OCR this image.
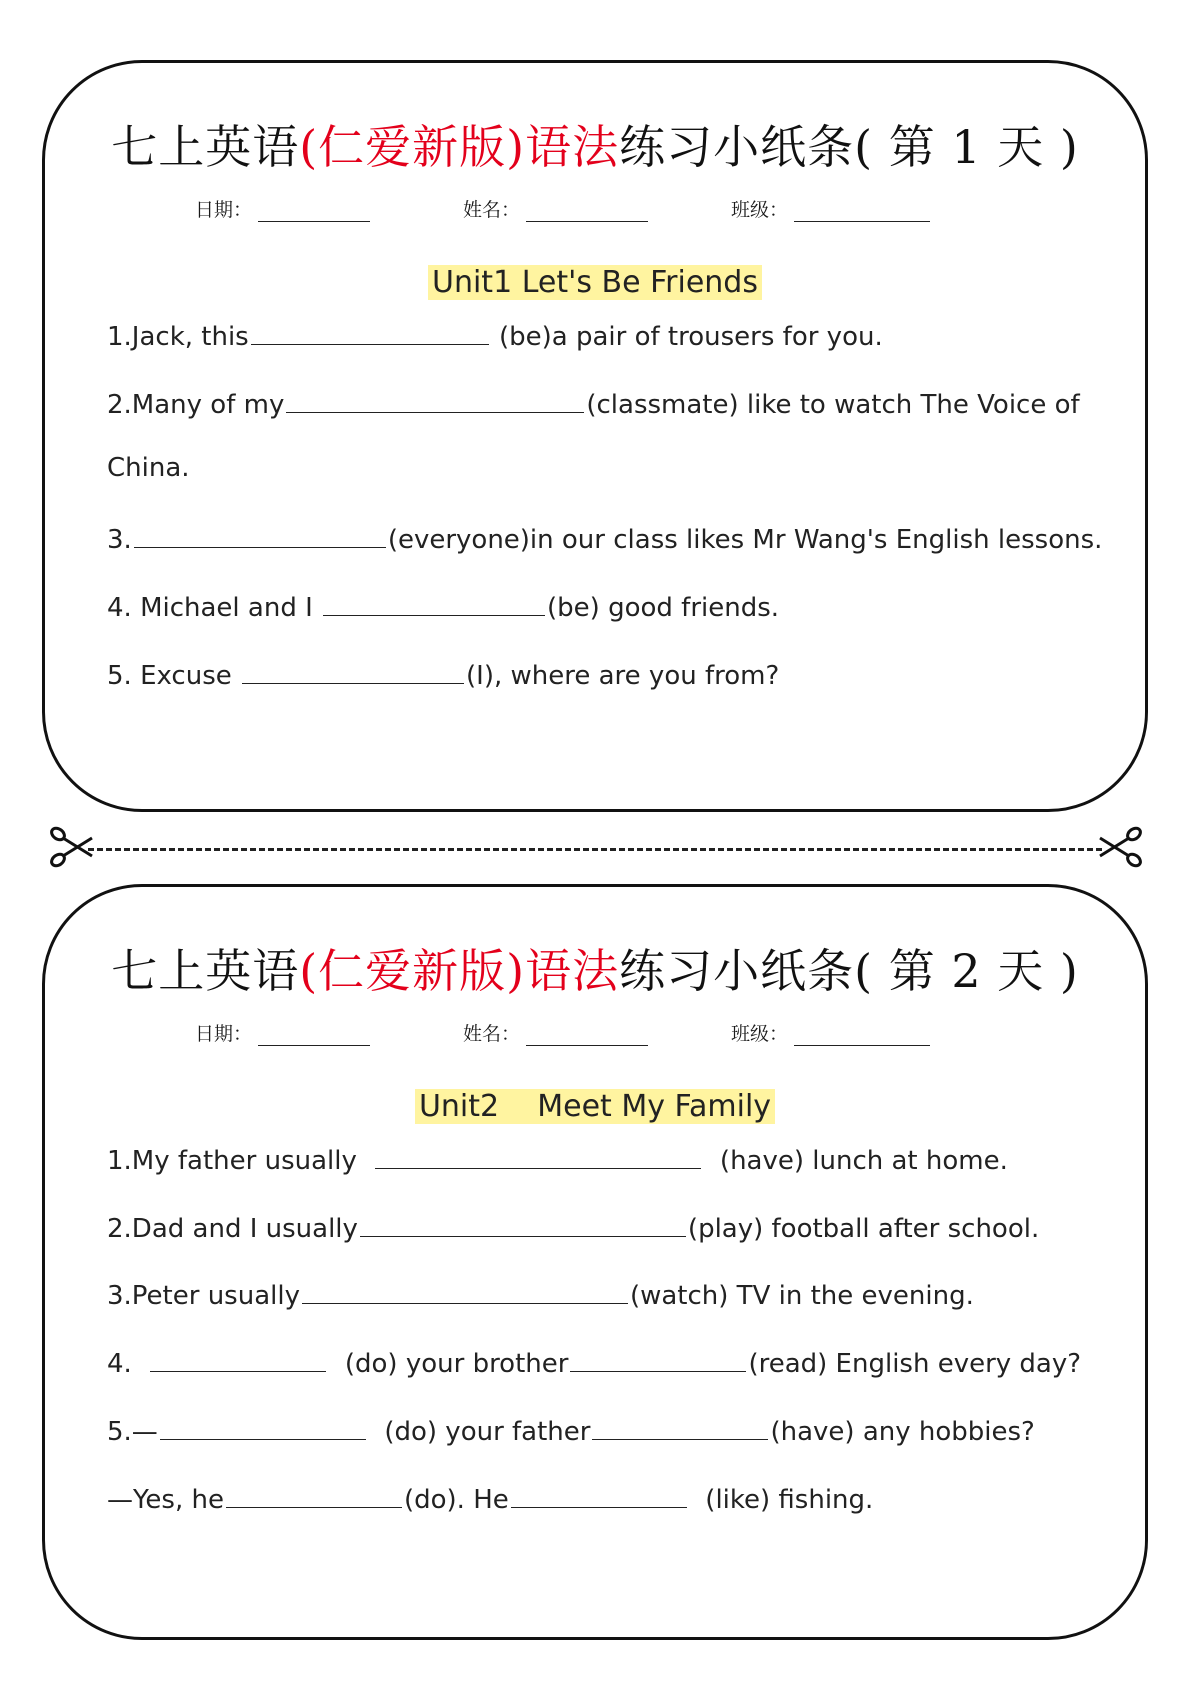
七上英语(仁爱新版)语法练习小纸条( 第 1 天 )
日期：	姓名：	班级：
Unit1 Let's Be Friends
1.Jack, this	(be)a pair of trousers for you.
2.Many of my	(classmate) like to watch The Voice of
China.
3.	(everyone)in our class likes Mr Wang's English lessons.
4. Michael and I	(be) good friends.
5. Excuse	(I), where are you from?
七上英语(仁爱新版)语法练习小纸条( 第 2 天 )
日期：	姓名：	班级：
Unit2    Meet My Family
1.My father usually	(have) lunch at home.
2.Dad and I usually	(play) football after school.
3.Peter usually	(watch) TV in the evening.
4.	(do) your brother	(read) English every day?
5.—	(do) your father	(have) any hobbies?
—Yes, he	(do). He	(like) fishing.
